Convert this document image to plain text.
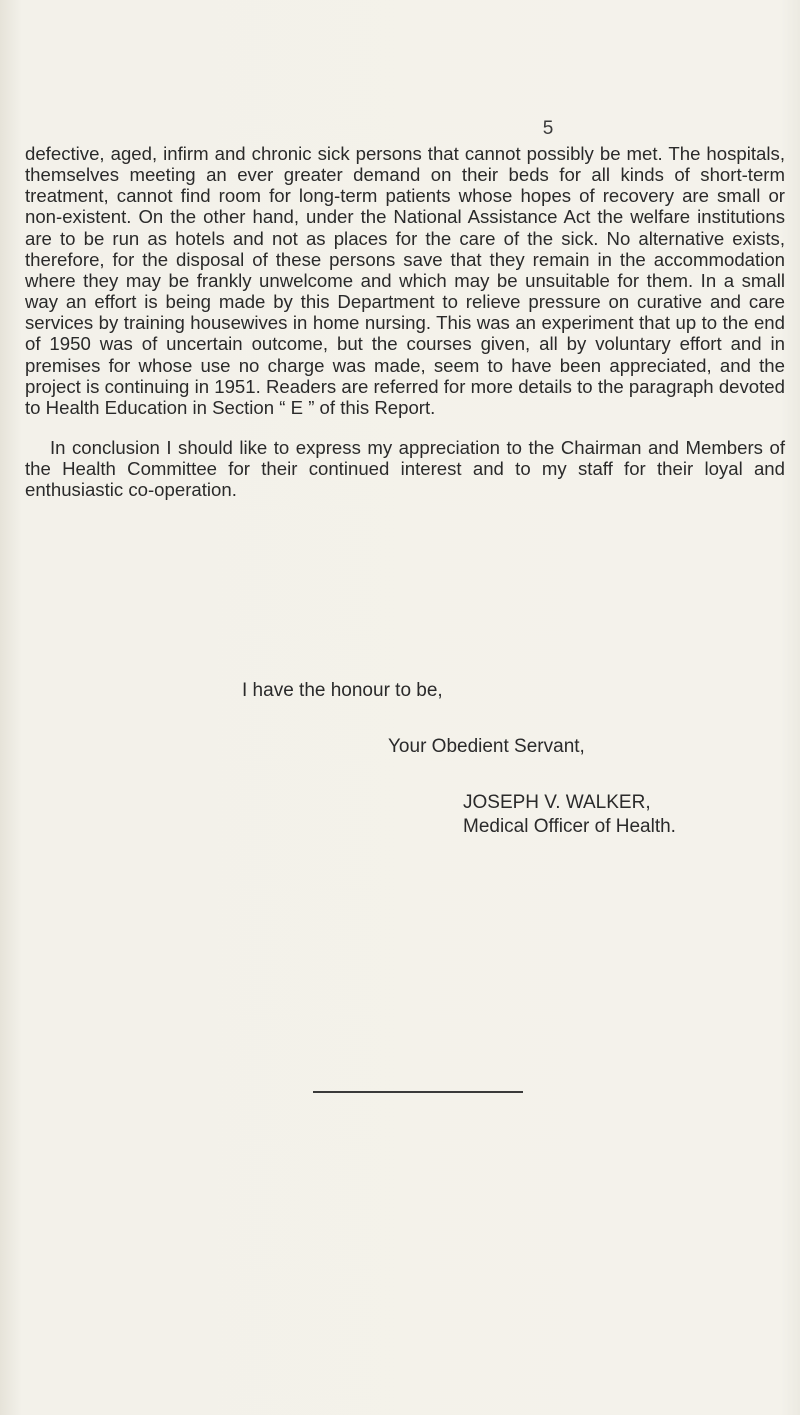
5

defective, aged, infirm and chronic sick persons that cannot possibly be met. The hospitals, themselves meeting an ever greater demand on their beds for all kinds of short-term treatment, cannot find room for long-term patients whose hopes of recovery are small or non-existent. On the other hand, under the National Assistance Act the welfare institutions are to be run as hotels and not as places for the care of the sick. No alternative exists, therefore, for the disposal of these persons save that they remain in the accommodation where they may be frankly unwelcome and which may be unsuitable for them. In a small way an effort is being made by this Department to relieve pressure on curative and care services by training housewives in home nursing. This was an experiment that up to the end of 1950 was of uncertain outcome, but the courses given, all by voluntary effort and in premises for whose use no charge was made, seem to have been appreciated, and the project is continuing in 1951. Readers are referred for more details to the paragraph devoted to Health Education in Section “ E ” of this Report.

In conclusion I should like to express my appreciation to the Chairman and Members of the Health Committee for their continued interest and to my staff for their loyal and enthusiastic co-operation.

I have the honour to be,
Your Obedient Servant,
JOSEPH V. WALKER,
Medical Officer of Health.
